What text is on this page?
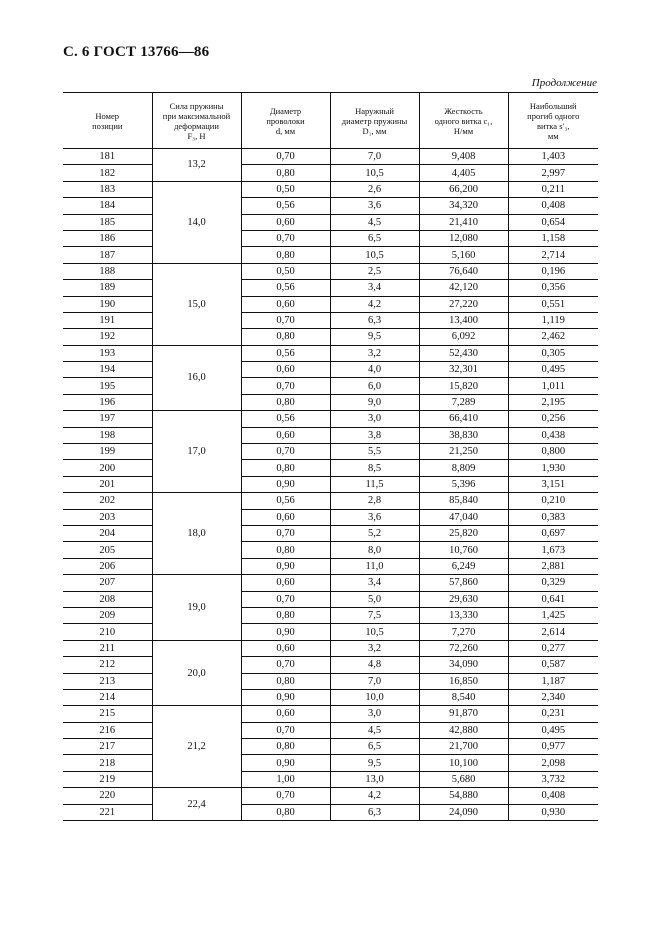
С. 6 ГОСТ 13766—86
Продолжение
Номер
позиции	Сила пружины
при максимальной
деформации
F₃, Н	Диаметр
проволоки
d, мм	Наружный
диаметр пружины
D₁, мм	Жесткость
одного витка c₁,
Н/мм	Наибольший
прогиб одного
витка s′₃,
мм
181	13,2	0,70	7,0	9,408	1,403
182		0,80	10,5	4,405	2,997
183	14,0	0,50	2,6	66,200	0,211
184		0,56	3,6	34,320	0,408
185		0,60	4,5	21,410	0,654
186		0,70	6,5	12,080	1,158
187		0,80	10,5	5,160	2,714
188	15,0	0,50	2,5	76,640	0,196
189		0,56	3,4	42,120	0,356
190		0,60	4,2	27,220	0,551
191		0,70	6,3	13,400	1,119
192		0,80	9,5	6,092	2,462
193	16,0	0,56	3,2	52,430	0,305
194		0,60	4,0	32,301	0,495
195		0,70	6,0	15,820	1,011
196		0,80	9,0	7,289	2,195
197	17,0	0,56	3,0	66,410	0,256
198		0,60	3,8	38,830	0,438
199		0,70	5,5	21,250	0,800
200		0,80	8,5	8,809	1,930
201		0,90	11,5	5,396	3,151
202	18,0	0,56	2,8	85,840	0,210
203		0,60	3,6	47,040	0,383
204		0,70	5,2	25,820	0,697
205		0,80	8,0	10,760	1,673
206		0,90	11,0	6,249	2,881
207	19,0	0,60	3,4	57,860	0,329
208		0,70	5,0	29,630	0,641
209		0,80	7,5	13,330	1,425
210		0,90	10,5	7,270	2,614
211	20,0	0,60	3,2	72,260	0,277
212		0,70	4,8	34,090	0,587
213		0,80	7,0	16,850	1,187
214		0,90	10,0	8,540	2,340
215	21,2	0,60	3,0	91,870	0,231
216		0,70	4,5	42,880	0,495
217		0,80	6,5	21,700	0,977
218		0,90	9,5	10,100	2,098
219		1,00	13,0	5,680	3,732
220	22,4	0,70	4,2	54,880	0,408
221		0,80	6,3	24,090	0,930
